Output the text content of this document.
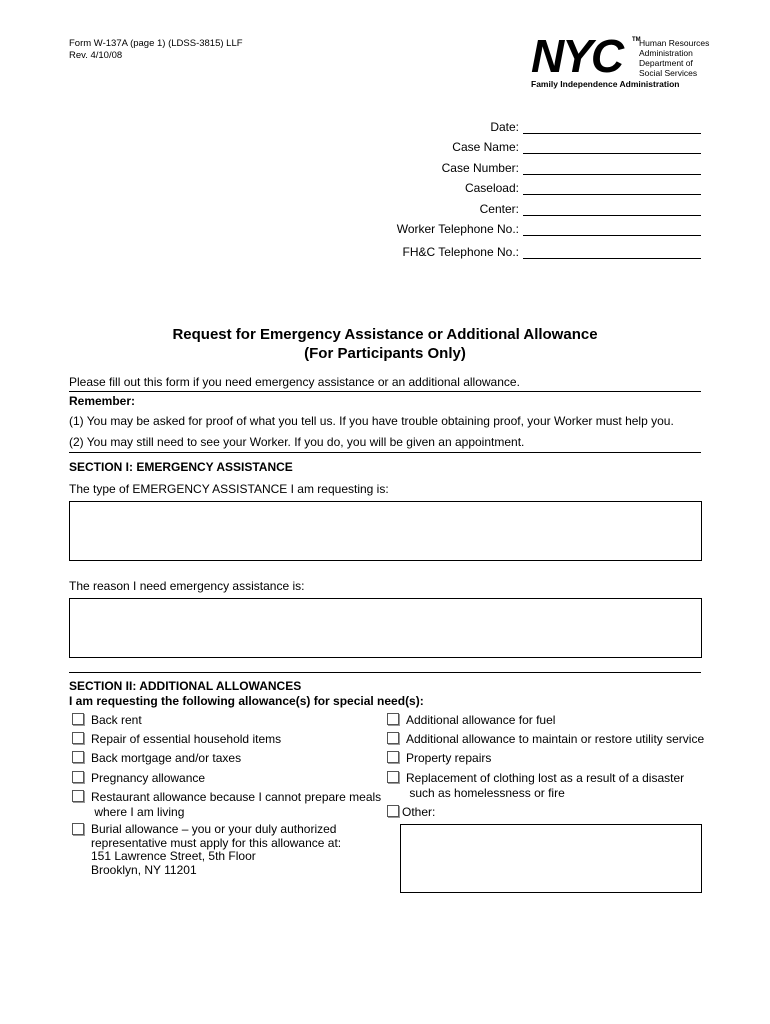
Form W-137A (page 1) (LDSS-3815) LLF
Rev. 4/10/08	NYC TM
Human Resources
Administration
Department of
Social Services
Family Independence Administration
Date:
Case Name:
Case Number:
Caseload:
Center:
Worker Telephone No.:
FH&C Telephone No.:
Request for Emergency Assistance or Additional Allowance
(For Participants Only)
Please fill out this form if you need emergency assistance or an additional allowance.
Remember:
(1) You may be asked for proof of what you tell us. If you have trouble obtaining proof, your Worker must help you.
(2) You may still need to see your Worker. If you do, you will be given an appointment.
SECTION I: EMERGENCY ASSISTANCE
The type of EMERGENCY ASSISTANCE I am requesting is:
The reason I need emergency assistance is:
SECTION II: ADDITIONAL ALLOWANCES
I am requesting the following allowance(s) for special need(s):
Back rent
Repair of essential household items
Back mortgage and/or taxes
Pregnancy allowance
Restaurant allowance because I cannot prepare meals
where I am living
Burial allowance – you or your duly authorized
representative must apply for this allowance at:
151 Lawrence Street, 5th Floor
Brooklyn, NY 11201
Additional allowance for fuel
Additional allowance to maintain or restore utility service
Property repairs
Replacement of clothing lost as a result of a disaster
such as homelessness or fire
Other:
